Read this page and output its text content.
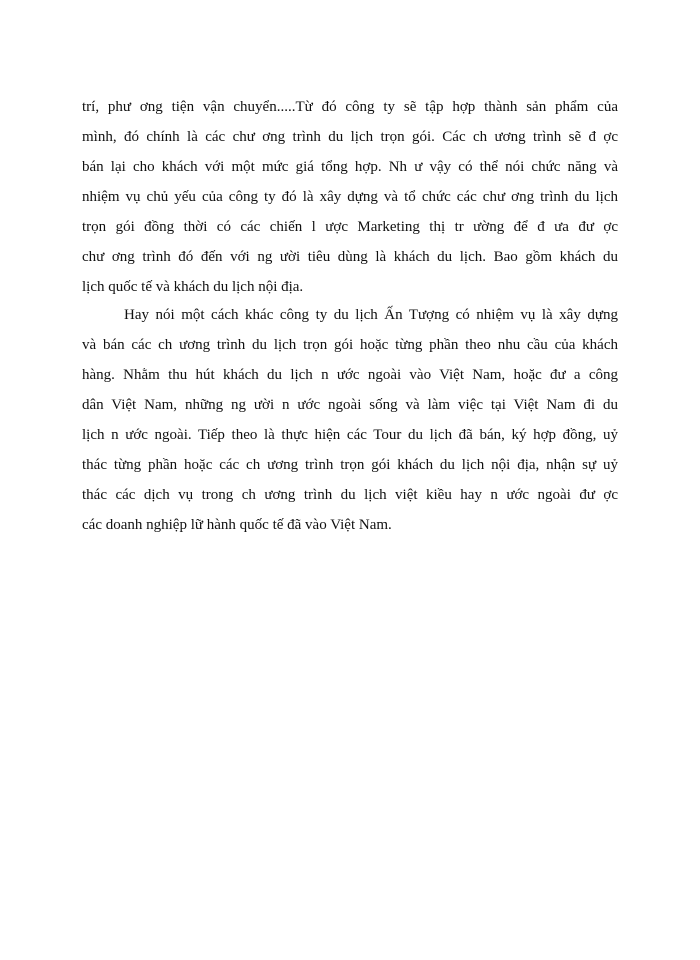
trí, phư ơng tiện vận chuyển.....Từ đó công ty sẽ tập hợp thành sản phẩm của
mình, đó chính là các chư ơng trình du lịch trọn gói. Các ch ương trình sẽ đ ợc
bán lại cho khách với một mức giá tổng hợp. Nh ư vậy có thể nói chức năng và
nhiệm vụ chủ yếu của công ty đó là xây dựng và tổ chức các chư ơng trình du lịch
trọn gói đồng thời có các chiến l ược Marketing thị tr ường để đ ưa đư ợc
chư ơng trình đó đến với ng ười tiêu dùng là khách du lịch. Bao gồm khách du
lịch quốc tế và khách du lịch nội địa.
Hay nói một cách khác công ty du lịch Ấn Tượng có nhiệm vụ là xây dựng
và bán các ch ương trình du lịch trọn gói hoặc từng phần theo nhu cầu của khách
hàng. Nhằm thu hút khách du lịch n ước ngoài vào Việt Nam, hoặc đư a công
dân Việt Nam, những ng ười n ước ngoài sống và làm việc tại Việt Nam đi du
lịch n ước ngoài. Tiếp theo là thực hiện các Tour du lịch đã bán, ký hợp đồng, uỷ
thác từng phần hoặc các ch ương trình trọn gói khách du lịch nội địa, nhận sự uỷ
thác các dịch vụ trong ch ương trình du lịch việt kiều hay n ước ngoài đư ợc
các doanh nghiệp lữ hành quốc tế đã vào Việt Nam.
